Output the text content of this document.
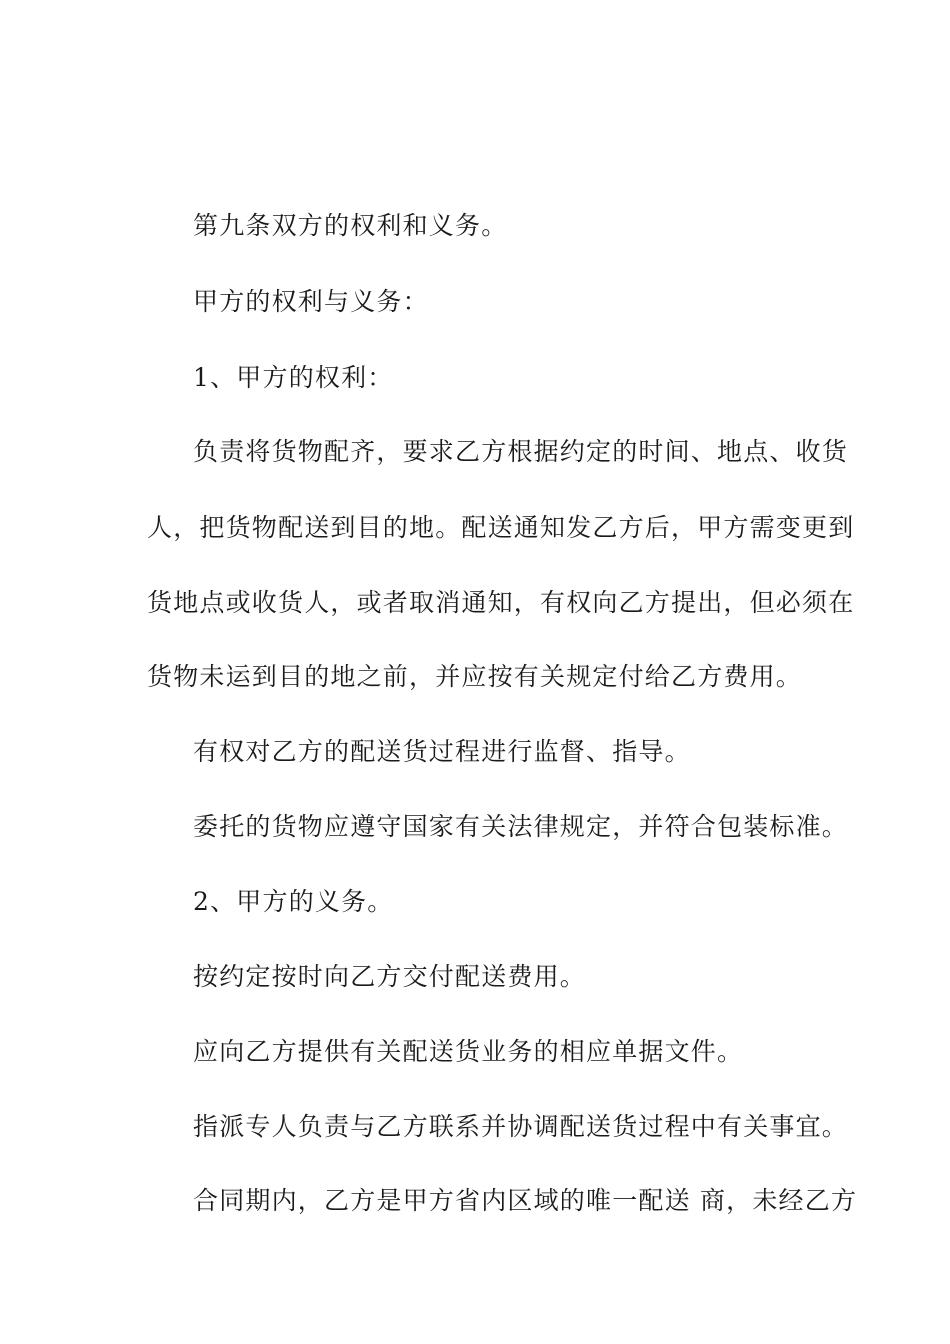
第九条双方的权利和义务。
甲方的权利与义务：
1、甲方的权利：
负责将货物配齐，要求乙方根据约定的时间、地点、收货
人，把货物配送到目的地。配送通知发乙方后，甲方需变更到
货地点或收货人，或者取消通知，有权向乙方提出，但必须在
货物未运到目的地之前，并应按有关规定付给乙方费用。
有权对乙方的配送货过程进行监督、指导。
委托的货物应遵守国家有关法律规定，并符合包装标准。
2、甲方的义务。
按约定按时向乙方交付配送费用。
应向乙方提供有关配送货业务的相应单据文件。
指派专人负责与乙方联系并协调配送货过程中有关事宜。
合同期内，乙方是甲方省内区域的唯一配送 商，未经乙方
